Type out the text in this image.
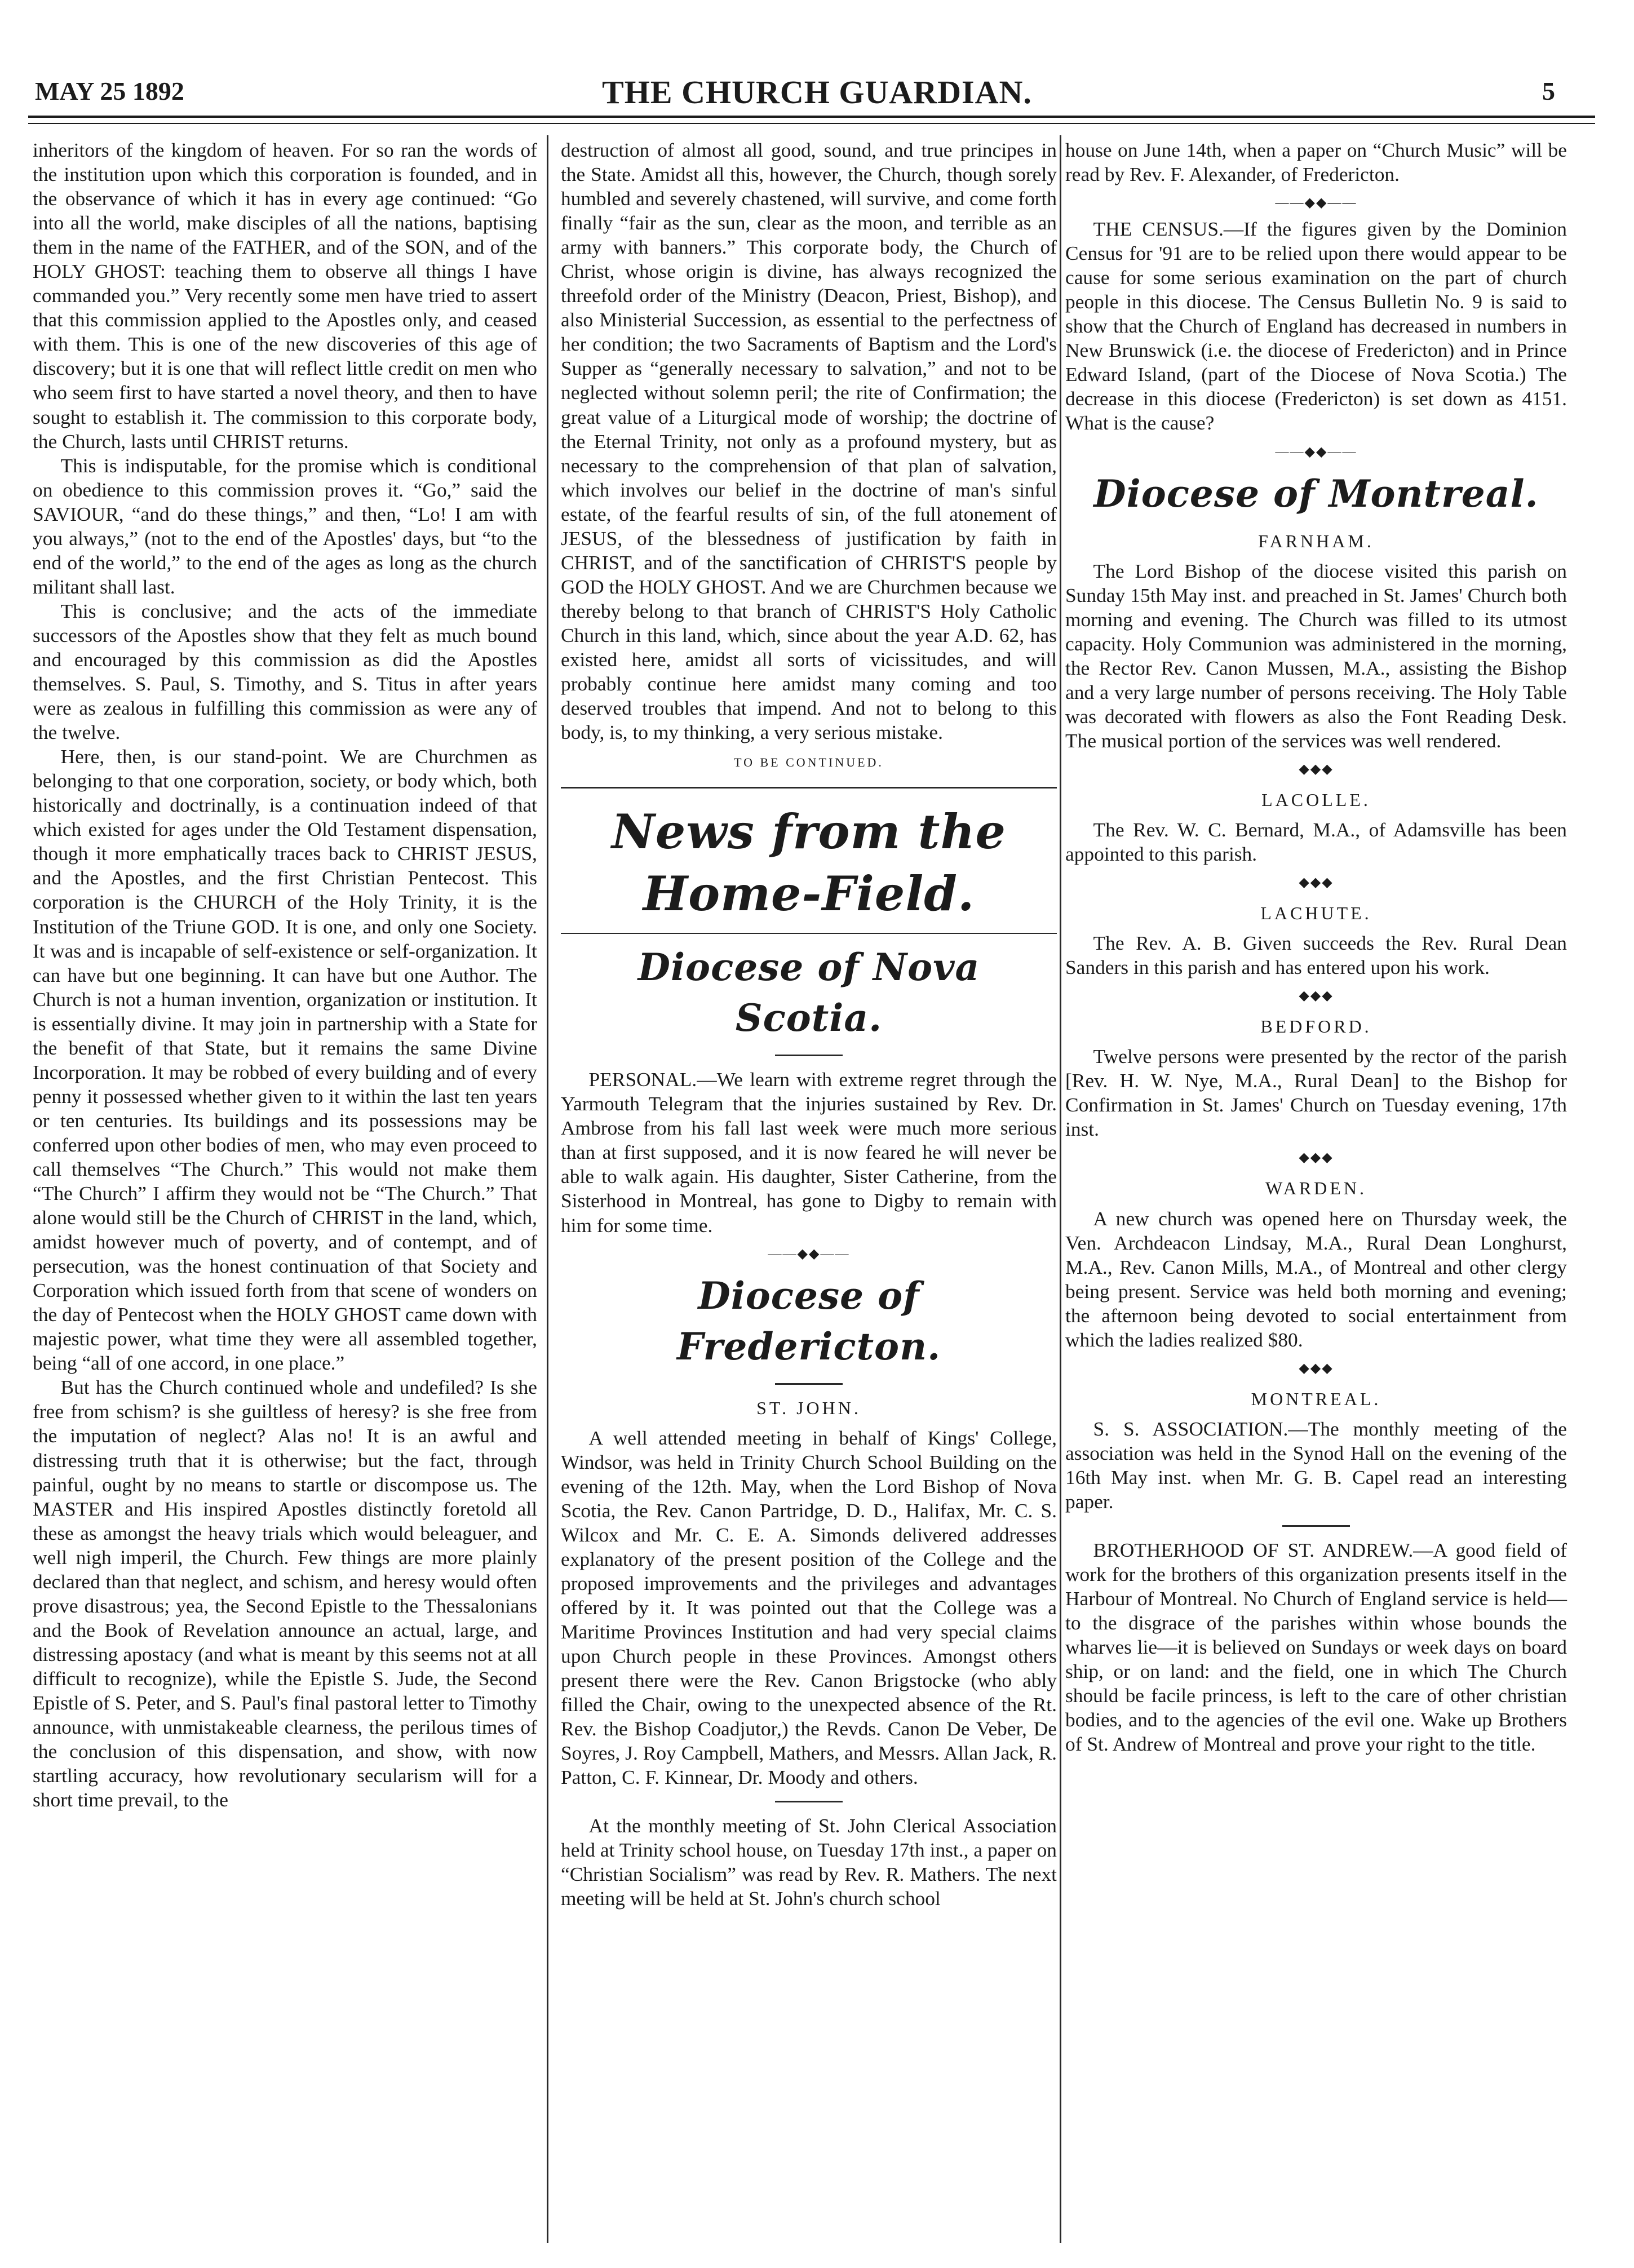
MAY 25 1892	THE CHURCH GUARDIAN.	5

inheritors of the kingdom of heaven. For so ran the words of the institution upon which this corporation is founded, and in the observance of which it has in every age continued: “Go into all the world, make disciples of all the nations, baptising them in the name of the FATHER, and of the SON, and of the HOLY GHOST: teaching them to observe all things I have commanded you.” Very recently some men have tried to assert that this commission applied to the Apostles only, and ceased with them. This is one of the new discoveries of this age of discovery; but it is one that will reflect little credit on men who who seem first to have started a novel theory, and then to have sought to establish it. The commission to this corporate body, the Church, lasts until CHRIST returns.

This is indisputable, for the promise which is conditional on obedience to this commission proves it. “Go,” said the SAVIOUR, “and do these things,” and then, “Lo! I am with you always,” (not to the end of the Apostles' days, but “to the end of the world,” to the end of the ages as long as the church militant shall last.

This is conclusive; and the acts of the immediate successors of the Apostles show that they felt as much bound and encouraged by this commission as did the Apostles themselves. S. Paul, S. Timothy, and S. Titus in after years were as zealous in fulfilling this commission as were any of the twelve.

Here, then, is our stand-point. We are Churchmen as belonging to that one corporation, society, or body which, both historically and doctrinally, is a continuation indeed of that which existed for ages under the Old Testament dispensation, though it more emphatically traces back to CHRIST JESUS, and the Apostles, and the first Christian Pentecost. This corporation is the CHURCH of the Holy Trinity, it is the Institution of the Triune GOD. It is one, and only one Society. It was and is incapable of self-existence or self-organization. It can have but one beginning. It can have but one Author. The Church is not a human invention, organization or institution. It is essentially divine. It may join in partnership with a State for the benefit of that State, but it remains the same Divine Incorporation. It may be robbed of every building and of every penny it possessed whether given to it within the last ten years or ten centuries. Its buildings and its possessions may be conferred upon other bodies of men, who may even proceed to call themselves “The Church.” This would not make them “The Church” I affirm they would not be “The Church.” That alone would still be the Church of CHRIST in the land, which, amidst however much of poverty, and of contempt, and of persecution, was the honest continuation of that Society and Corporation which issued forth from that scene of wonders on the day of Pentecost when the HOLY GHOST came down with majestic power, what time they were all assembled together, being “all of one accord, in one place.”

But has the Church continued whole and undefiled? Is she free from schism? is she guiltless of heresy? is she free from the imputation of neglect? Alas no! It is an awful and distressing truth that it is otherwise; but the fact, through painful, ought by no means to startle or discompose us. The MASTER and His inspired Apostles distinctly foretold all these as amongst the heavy trials which would beleaguer, and well nigh imperil, the Church. Few things are more plainly declared than that neglect, and schism, and heresy would often prove disastrous; yea, the Second Epistle to the Thessalonians and the Book of Revelation announce an actual, large, and distressing apostacy (and what is meant by this seems not at all difficult to recognize), while the Epistle S. Jude, the Second Epistle of S. Peter, and S. Paul's final pastoral letter to Timothy announce, with unmistakeable clearness, the perilous times of the conclusion of this dispensation, and show, with now startling accuracy, how revolutionary secularism will for a short time prevail, to the

destruction of almost all good, sound, and true principes in the State. Amidst all this, however, the Church, though sorely humbled and severely chastened, will survive, and come forth finally “fair as the sun, clear as the moon, and terrible as an army with banners.” This corporate body, the Church of Christ, whose origin is divine, has always recognized the threefold order of the Ministry (Deacon, Priest, Bishop), and also Ministerial Succession, as essential to the perfectness of her condition; the two Sacraments of Baptism and the Lord's Supper as “generally necessary to salvation,” and not to be neglected without solemn peril; the rite of Confirmation; the great value of a Liturgical mode of worship; the doctrine of the Eternal Trinity, not only as a profound mystery, but as necessary to the comprehension of that plan of salvation, which involves our belief in the doctrine of man's sinful estate, of the fearful results of sin, of the full atonement of JESUS, of the blessedness of justification by faith in CHRIST, and of the sanctification of CHRIST'S people by GOD the HOLY GHOST. And we are Churchmen because we thereby belong to that branch of CHRIST'S Holy Catholic Church in this land, which, since about the year A.D. 62, has existed here, amidst all sorts of vicissitudes, and will probably continue here amidst many coming and too deserved troubles that impend. And not to belong to this body, is, to my thinking, a very serious mistake.

TO BE CONTINUED.
News from the Home-Field.
Diocese of Nova Scotia.

PERSONAL.—We learn with extreme regret through the Yarmouth Telegram that the injuries sustained by Rev. Dr. Ambrose from his fall last week were much more serious than at first supposed, and it is now feared he will never be able to walk again. His daughter, Sister Catherine, from the Sisterhood in Montreal, has gone to Digby to remain with him for some time.

——◆◆——
Diocese of Fredericton.
ST. JOHN.

A well attended meeting in behalf of Kings' College, Windsor, was held in Trinity Church School Building on the evening of the 12th. May, when the Lord Bishop of Nova Scotia, the Rev. Canon Partridge, D. D., Halifax, Mr. C. S. Wilcox and Mr. C. E. A. Simonds delivered addresses explanatory of the present position of the College and the proposed improvements and the privileges and advantages offered by it. It was pointed out that the College was a Maritime Provinces Institution and had very special claims upon Church people in these Provinces. Amongst others present there were the Rev. Canon Brigstocke (who ably filled the Chair, owing to the unexpected absence of the Rt. Rev. the Bishop Coadjutor,) the Revds. Canon De Veber, De Soyres, J. Roy Campbell, Mathers, and Messrs. Allan Jack, R. Patton, C. F. Kinnear, Dr. Moody and others.

At the monthly meeting of St. John Clerical Association held at Trinity school house, on Tuesday 17th inst., a paper on “Christian Socialism” was read by Rev. R. Mathers. The next meeting will be held at St. John's church school

house on June 14th, when a paper on “Church Music” will be read by Rev. F. Alexander, of Fredericton.

——◆◆——

THE CENSUS.—If the figures given by the Dominion Census for '91 are to be relied upon there would appear to be cause for some serious examination on the part of church people in this diocese. The Census Bulletin No. 9 is said to show that the Church of England has decreased in numbers in New Brunswick (i.e. the diocese of Fredericton) and in Prince Edward Island, (part of the Diocese of Nova Scotia.) The decrease in this diocese (Fredericton) is set down as 4151. What is the cause?

——◆◆——
Diocese of Montreal.
FARNHAM.

The Lord Bishop of the diocese visited this parish on Sunday 15th May inst. and preached in St. James' Church both morning and evening. The Church was filled to its utmost capacity. Holy Communion was administered in the morning, the Rector Rev. Canon Mussen, M.A., assisting the Bishop and a very large number of persons receiving. The Holy Table was decorated with flowers as also the Font Reading Desk. The musical portion of the services was well rendered.

◆◆◆
LACOLLE.

The Rev. W. C. Bernard, M.A., of Adamsville has been appointed to this parish.

◆◆◆
LACHUTE.

The Rev. A. B. Given succeeds the Rev. Rural Dean Sanders in this parish and has entered upon his work.

◆◆◆
BEDFORD.

Twelve persons were presented by the rector of the parish [Rev. H. W. Nye, M.A., Rural Dean] to the Bishop for Confirmation in St. James' Church on Tuesday evening, 17th inst.

◆◆◆
WARDEN.

A new church was opened here on Thursday week, the Ven. Archdeacon Lindsay, M.A., Rural Dean Longhurst, M.A., Rev. Canon Mills, M.A., of Montreal and other clergy being present. Service was held both morning and evening; the afternoon being devoted to social entertainment from which the ladies realized $80.

◆◆◆
MONTREAL.

S. S. ASSOCIATION.—The monthly meeting of the association was held in the Synod Hall on the evening of the 16th May inst. when Mr. G. B. Capel read an interesting paper.

BROTHERHOOD OF ST. ANDREW.—A good field of work for the brothers of this organization presents itself in the Harbour of Montreal. No Church of England service is held—to the disgrace of the parishes within whose bounds the wharves lie—it is believed on Sundays or week days on board ship, or on land: and the field, one in which The Church should be facile princess, is left to the care of other christian bodies, and to the agencies of the evil one. Wake up Brothers of St. Andrew of Montreal and prove your right to the title.
